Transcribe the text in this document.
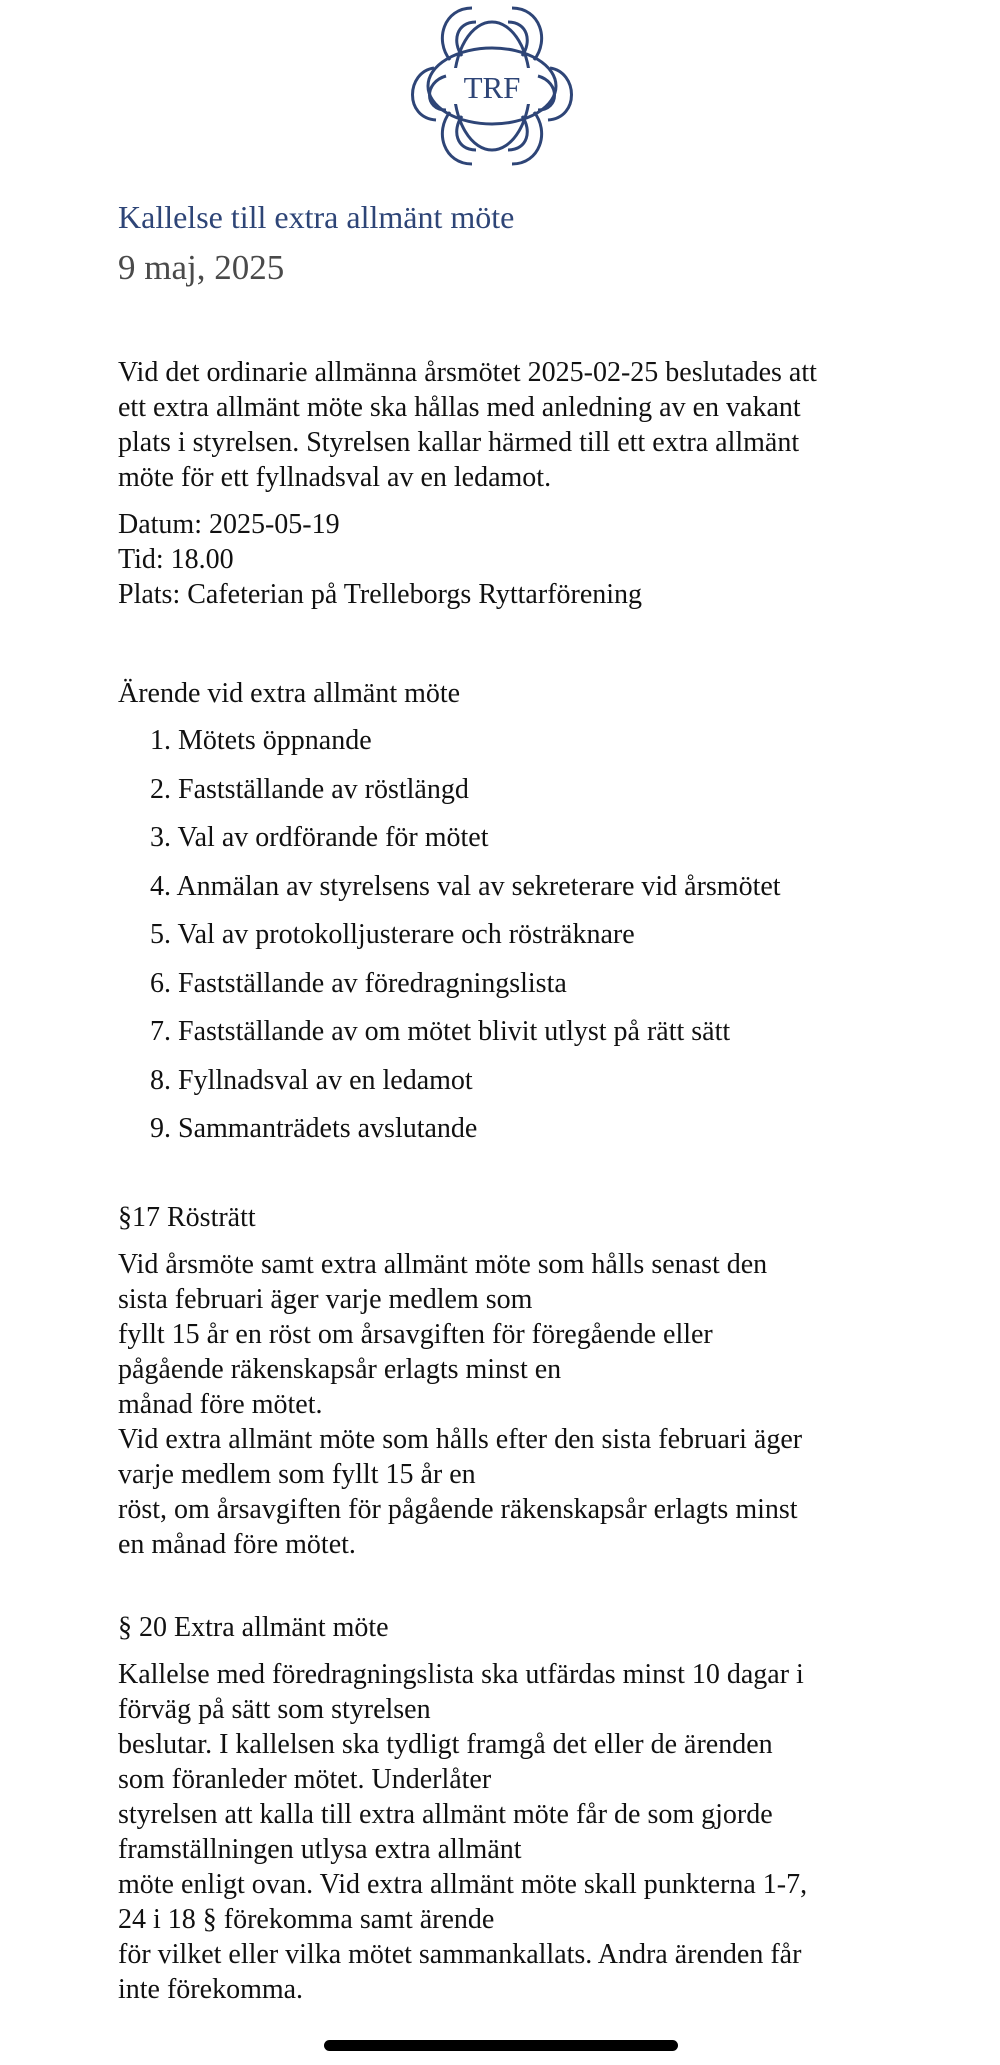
TRF
Kallelse till extra allmänt möte
9 maj, 2025

Vid det ordinarie allmänna årsmötet 2025-02-25 beslutades att

ett extra allmänt möte ska hållas med anledning av en vakant

plats i styrelsen. Styrelsen kallar härmed till ett extra allmänt

möte för ett fyllnadsval av en ledamot.

Datum: 2025-05-19

Tid: 18.00

Plats: Cafeterian på Trelleborgs Ryttarförening

Ärende vid extra allmänt möte

1. Mötets öppnande
2. Fastställande av röstlängd
3. Val av ordförande för mötet
4. Anmälan av styrelsens val av sekreterare vid årsmötet
5. Val av protokolljusterare och rösträknare
6. Fastställande av föredragningslista
7. Fastställande av om mötet blivit utlyst på rätt sätt
8. Fyllnadsval av en ledamot
9. Sammanträdets avslutande

§17 Rösträtt

Vid årsmöte samt extra allmänt möte som hålls senast den

sista februari äger varje medlem som

fyllt 15 år en röst om årsavgiften för föregående eller

pågående räkenskapsår erlagts minst en

månad före mötet.

Vid extra allmänt möte som hålls efter den sista februari äger

varje medlem som fyllt 15 år en

röst, om årsavgiften för pågående räkenskapsår erlagts minst

en månad före mötet.

§ 20 Extra allmänt möte

Kallelse med föredragningslista ska utfärdas minst 10 dagar i

förväg på sätt som styrelsen

beslutar. I kallelsen ska tydligt framgå det eller de ärenden

som föranleder mötet. Underlåter

styrelsen att kalla till extra allmänt möte får de som gjorde

framställningen utlysa extra allmänt

möte enligt ovan. Vid extra allmänt möte skall punkterna 1-7,

24 i 18 § förekomma samt ärende

för vilket eller vilka mötet sammankallats. Andra ärenden får

inte förekomma.
